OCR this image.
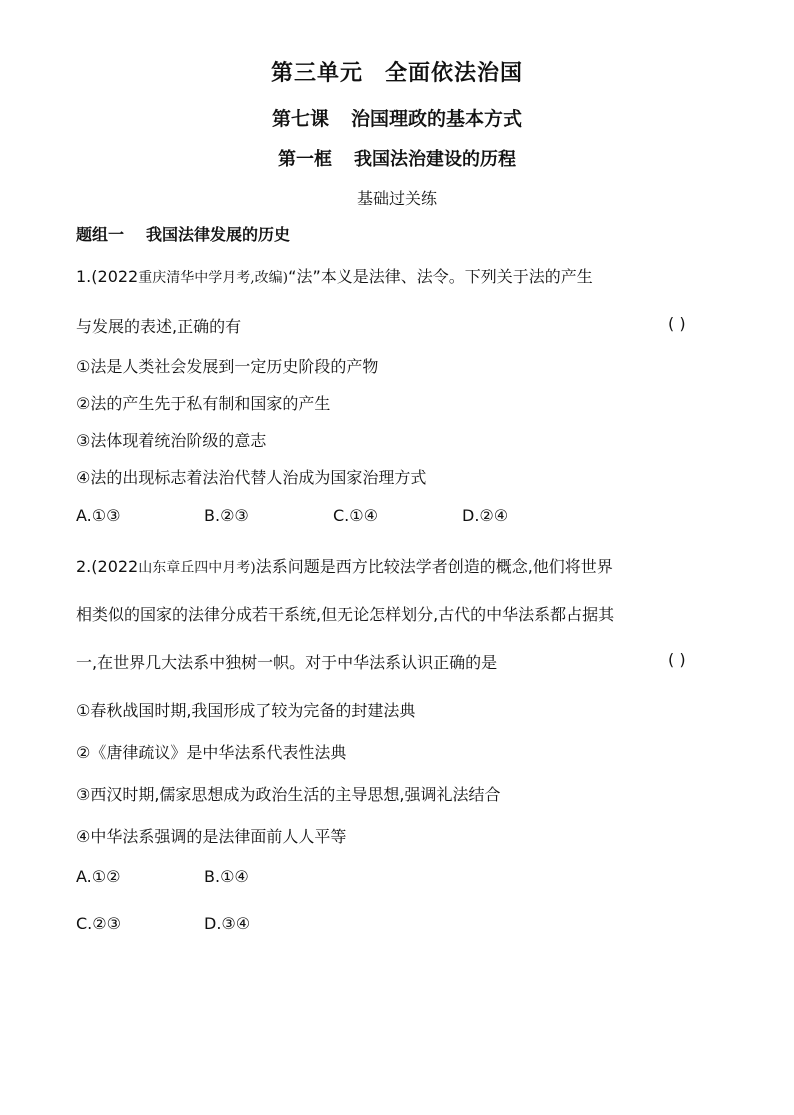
第三单元 全面依法治国
第七课 治国理政的基本方式
第一框 我国法治建设的历程
基础过关练
题组一 我国法律发展的历史
1.(2022重庆清华中学月考,改编)“法”本义是法律、法令。下列关于法的产生
与发展的表述,正确的有	( )
①法是人类社会发展到一定历史阶段的产物
②法的产生先于私有制和国家的产生
③法体现着统治阶级的意志
④法的出现标志着法治代替人治成为国家治理方式
A.①③	B.②③	C.①④	D.②④
2.(2022山东章丘四中月考)法系问题是西方比较法学者创造的概念,他们将世界
相类似的国家的法律分成若干系统,但无论怎样划分,古代的中华法系都占据其
一,在世界几大法系中独树一帜。对于中华法系认识正确的是	( )
①春秋战国时期,我国形成了较为完备的封建法典
②《唐律疏议》是中华法系代表性法典
③西汉时期,儒家思想成为政治生活的主导思想,强调礼法结合
④中华法系强调的是法律面前人人平等
A.①②	B.①④
C.②③	D.③④
